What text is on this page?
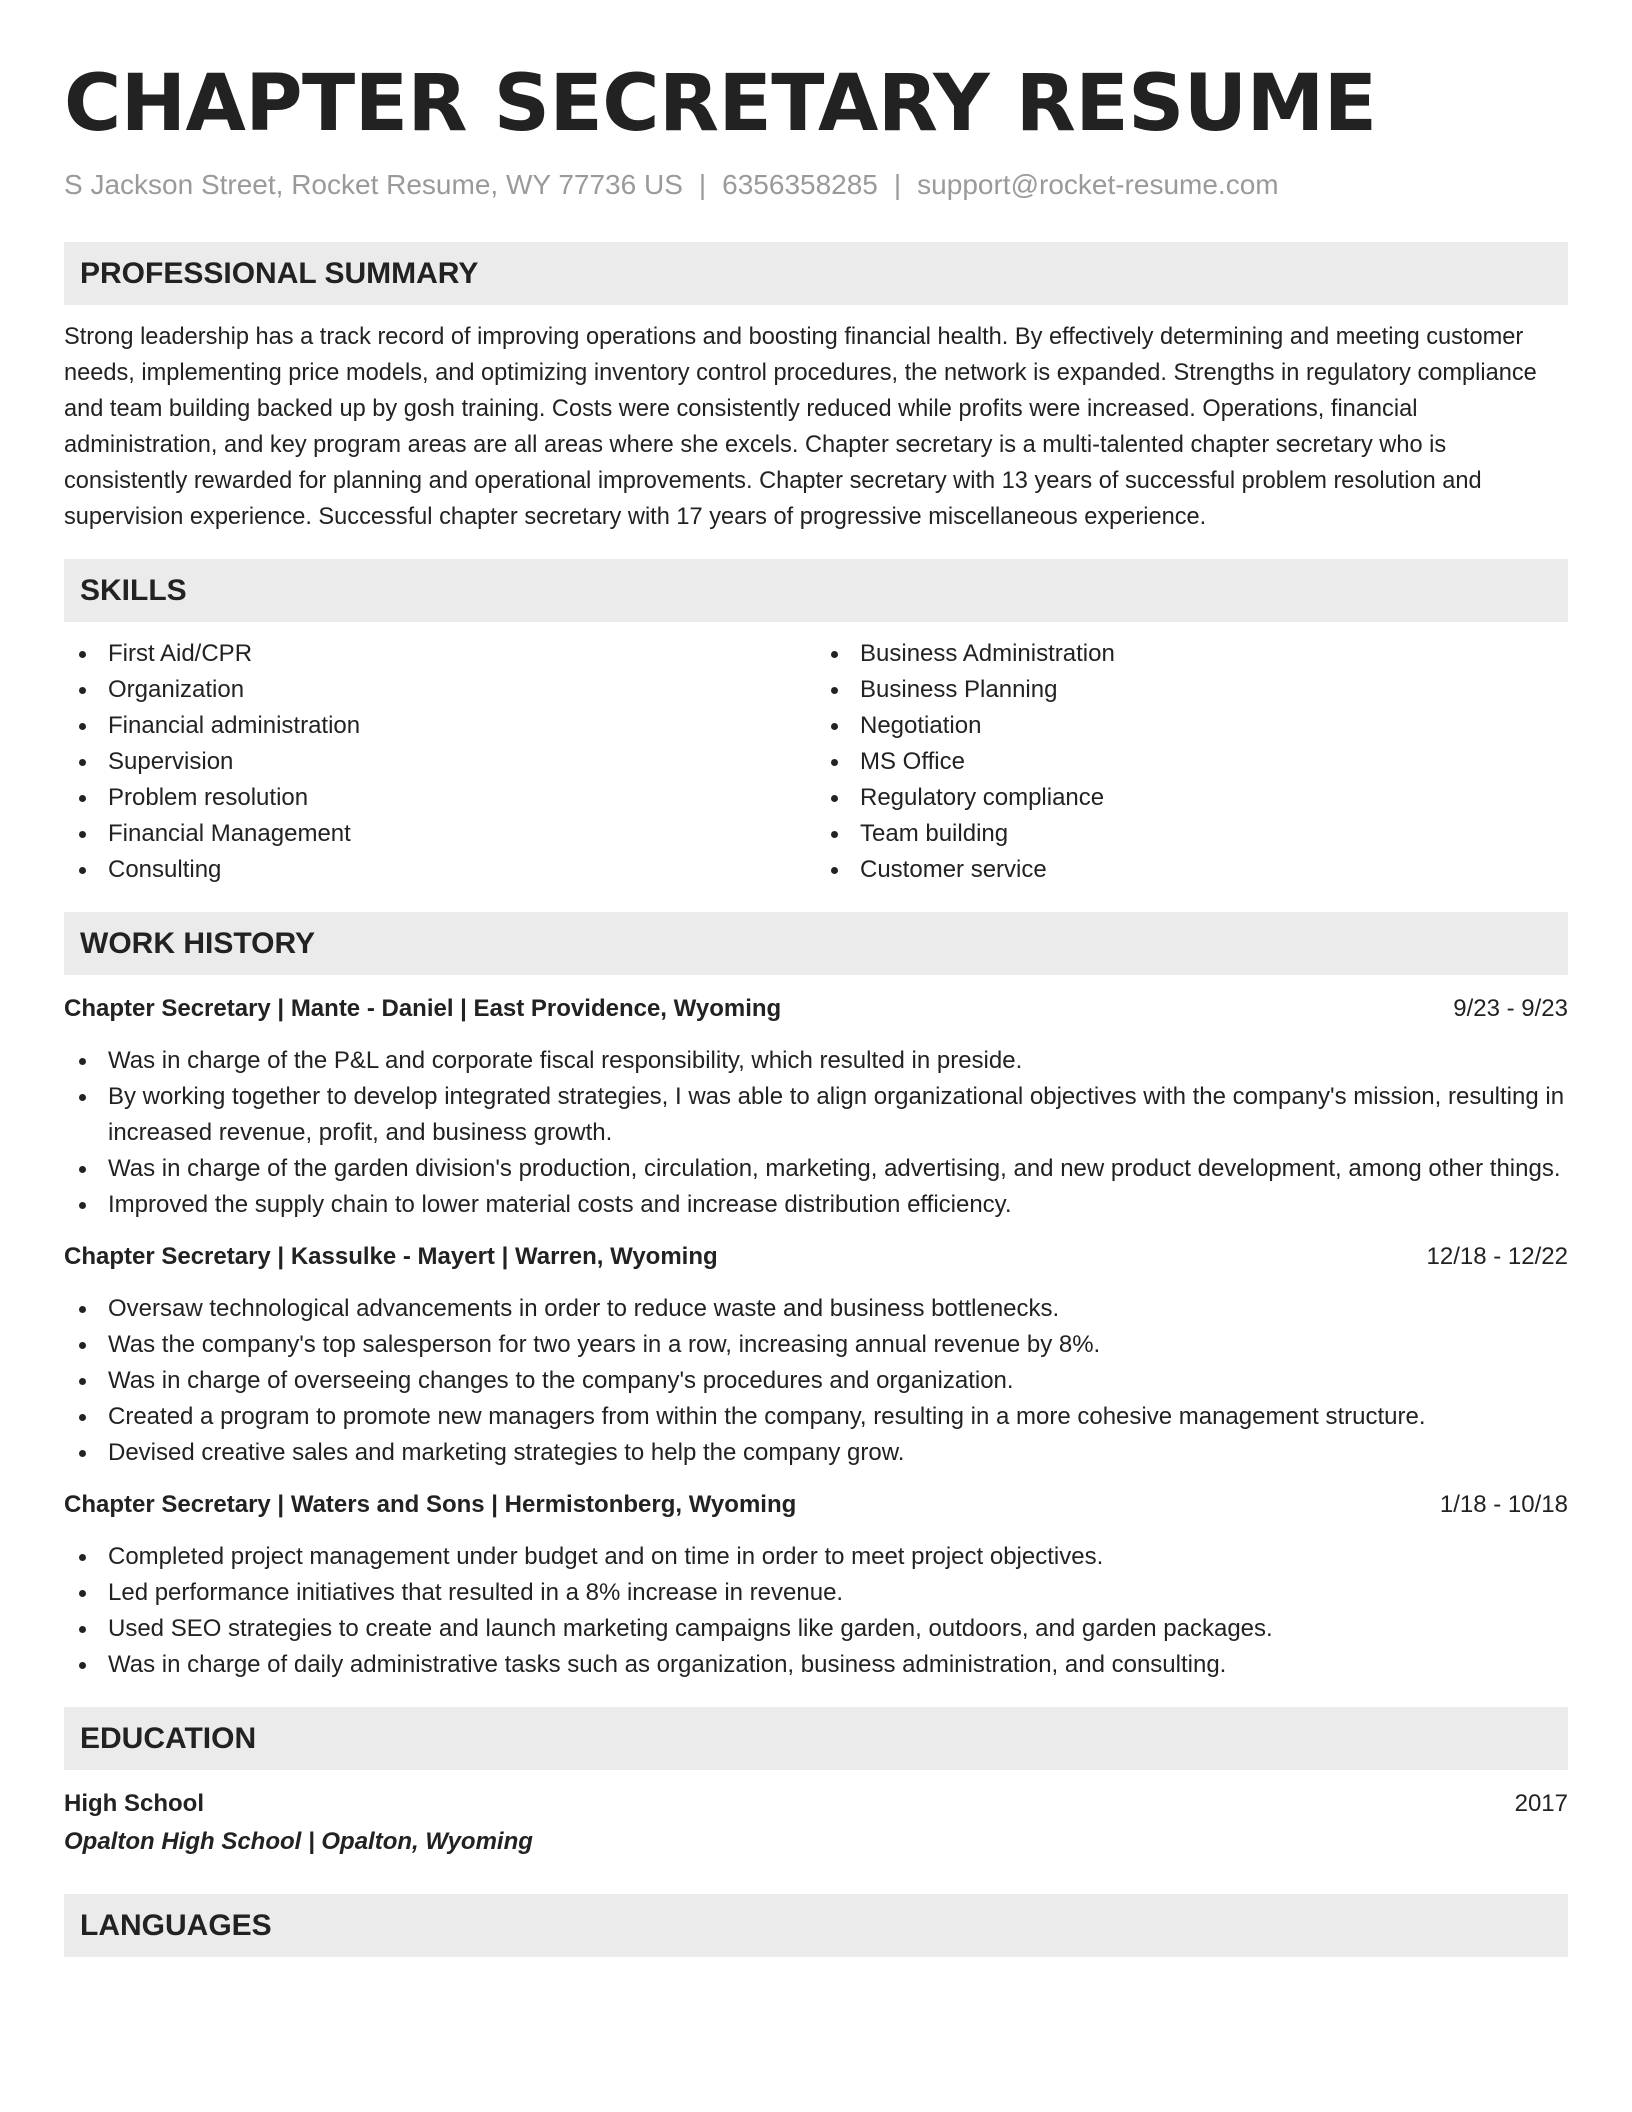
CHAPTER SECRETARY RESUME
S Jackson Street, Rocket Resume, WY 77736 US | 6356358285 | support@rocket-resume.com
PROFESSIONAL SUMMARY
Strong leadership has a track record of improving operations and boosting financial health. By effectively determining and meeting customer needs, implementing price models, and optimizing inventory control procedures, the network is expanded. Strengths in regulatory compliance and team building backed up by gosh training. Costs were consistently reduced while profits were increased. Operations, financial administration, and key program areas are all areas where she excels. Chapter secretary is a multi-talented chapter secretary who is consistently rewarded for planning and operational improvements. Chapter secretary with 13 years of successful problem resolution and supervision experience. Successful chapter secretary with 17 years of progressive miscellaneous experience.
SKILLS
First Aid/CPR
Organization
Financial administration
Supervision
Problem resolution
Financial Management
Consulting
Business Administration
Business Planning
Negotiation
MS Office
Regulatory compliance
Team building
Customer service
WORK HISTORY
Chapter Secretary | Mante - Daniel | East Providence, Wyoming	9/23 - 9/23
Was in charge of the P&L and corporate fiscal responsibility, which resulted in preside.
By working together to develop integrated strategies, I was able to align organizational objectives with the company's mission, resulting in increased revenue, profit, and business growth.
Was in charge of the garden division's production, circulation, marketing, advertising, and new product development, among other things.
Improved the supply chain to lower material costs and increase distribution efficiency.
Chapter Secretary | Kassulke - Mayert | Warren, Wyoming	12/18 - 12/22
Oversaw technological advancements in order to reduce waste and business bottlenecks.
Was the company's top salesperson for two years in a row, increasing annual revenue by 8%.
Was in charge of overseeing changes to the company's procedures and organization.
Created a program to promote new managers from within the company, resulting in a more cohesive management structure.
Devised creative sales and marketing strategies to help the company grow.
Chapter Secretary | Waters and Sons | Hermistonberg, Wyoming	1/18 - 10/18
Completed project management under budget and on time in order to meet project objectives.
Led performance initiatives that resulted in a 8% increase in revenue.
Used SEO strategies to create and launch marketing campaigns like garden, outdoors, and garden packages.
Was in charge of daily administrative tasks such as organization, business administration, and consulting.
EDUCATION
High School	2017
Opalton High School | Opalton, Wyoming
LANGUAGES
